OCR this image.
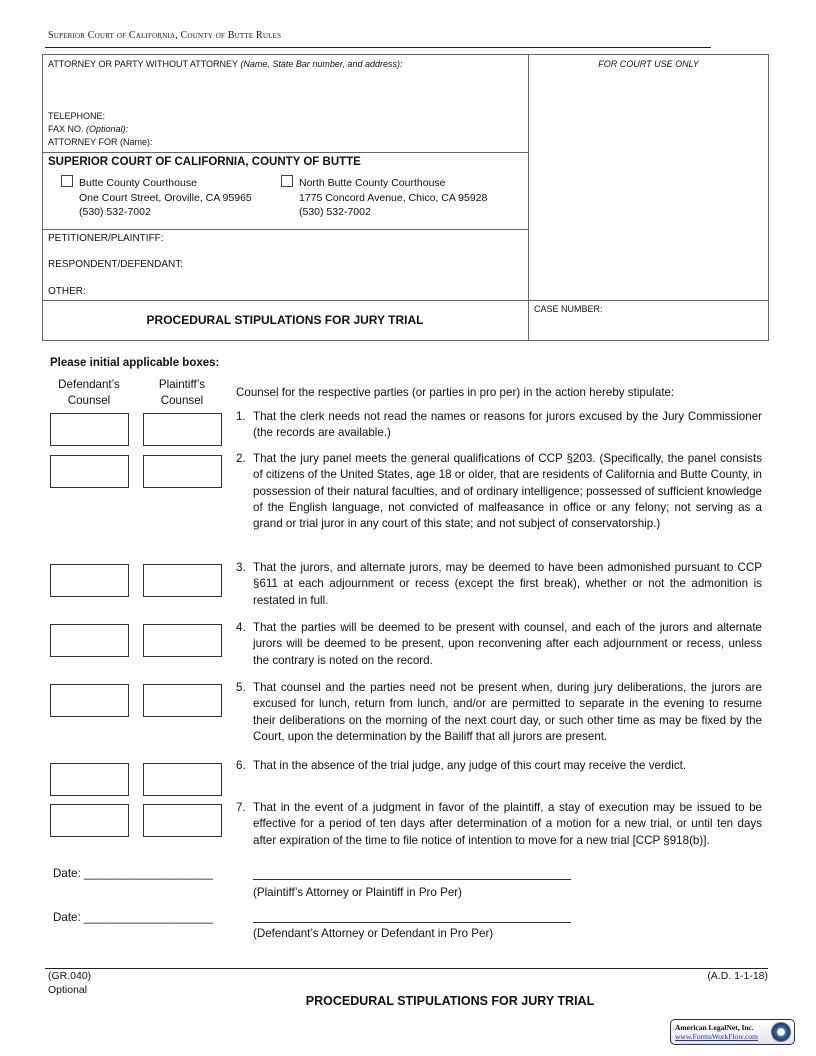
Superior Court of California, County of Butte Rules
ATTORNEY OR PARTY WITHOUT ATTORNEY (Name, State Bar number, and address):
TELEPHONE:
FAX NO. (Optional):
ATTORNEY FOR (Name):
FOR COURT USE ONLY
SUPERIOR COURT OF CALIFORNIA, COUNTY OF BUTTE
Butte County Courthouse
One Court Street, Oroville, CA 95965
(530) 532-7002
North Butte County Courthouse
1775 Concord Avenue, Chico, CA 95928
(530) 532-7002
PETITIONER/PLAINTIFF:
RESPONDENT/DEFENDANT:
OTHER:
PROCEDURAL STIPULATIONS FOR JURY TRIAL
CASE NUMBER:
Please initial applicable boxes:
Defendant’s
Counsel
Plaintiff’s
Counsel
Counsel for the respective parties (or parties in pro per) in the action hereby stipulate:
1. That the clerk needs not read the names or reasons for jurors excused by the Jury Commissioner (the records are available.)
2. That the jury panel meets the general qualifications of CCP §203. (Specifically, the panel consists of citizens of the United States, age 18 or older, that are residents of California and Butte County, in possession of their natural faculties, and of ordinary intelligence; possessed of sufficient knowledge of the English language, not convicted of malfeasance in office or any felony; not serving as a grand or trial juror in any court of this state; and not subject of conservatorship.)
3. That the jurors, and alternate jurors, may be deemed to have been admonished pursuant to CCP §611 at each adjournment or recess (except the first break), whether or not the admonition is restated in full.
4. That the parties will be deemed to be present with counsel, and each of the jurors and alternate jurors will be deemed to be present, upon reconvening after each adjournment or recess, unless the contrary is noted on the record.
5. That counsel and the parties need not be present when, during jury deliberations, the jurors are excused for lunch, return from lunch, and/or are permitted to separate in the evening to resume their deliberations on the morning of the next court day, or such other time as may be fixed by the Court, upon the determination by the Bailiff that all jurors are present.
6. That in the absence of the trial judge, any judge of this court may receive the verdict.
7. That in the event of a judgment in favor of the plaintiff, a stay of execution may be issued to be effective for a period of ten days after determination of a motion for a new trial, or until ten days after expiration of the time to file notice of intention to move for a new trial [CCP §918(b)].
Date: ____________________
(Plaintiff’s Attorney or Plaintiff in Pro Per)
Date: ____________________
(Defendant’s Attorney or Defendant in Pro Per)
(GR.040)
Optional
(A.D. 1-1-18)
PROCEDURAL STIPULATIONS FOR JURY TRIAL
American LegalNet, Inc.
www.FormsWorkFlow.com
